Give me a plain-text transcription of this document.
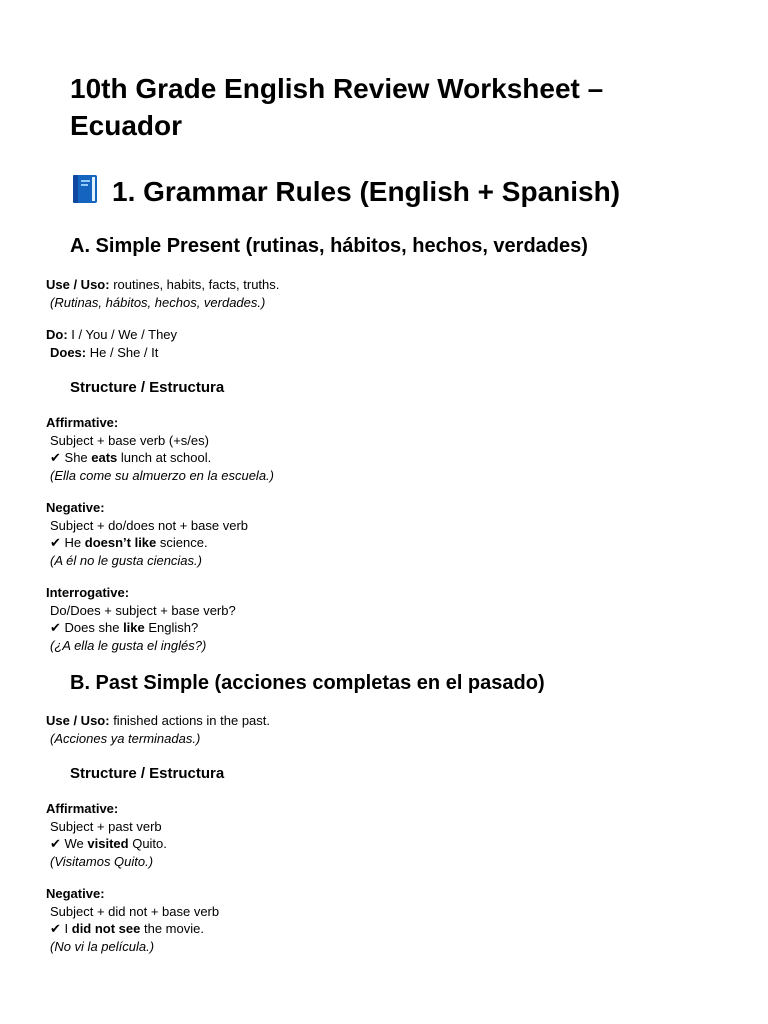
10th Grade English Review Worksheet – Ecuador
1. Grammar Rules (English + Spanish)
A. Simple Present (rutinas, hábitos, hechos, verdades)
Use / Uso: routines, habits, facts, truths.
(Rutinas, hábitos, hechos, verdades.)
Do: I / You / We / They
Does: He / She / It
Structure / Estructura
Affirmative:
Subject + base verb (+s/es)
✔ She eats lunch at school.
(Ella come su almuerzo en la escuela.)
Negative:
Subject + do/does not + base verb
✔ He doesn’t like science.
(A él no le gusta ciencias.)
Interrogative:
Do/Does + subject + base verb?
✔ Does she like English?
(¿A ella le gusta el inglés?)
B. Past Simple (acciones completas en el pasado)
Use / Uso: finished actions in the past.
(Acciones ya terminadas.)
Structure / Estructura
Affirmative:
Subject + past verb
✔ We visited Quito.
(Visitamos Quito.)
Negative:
Subject + did not + base verb
✔ I did not see the movie.
(No vi la película.)
